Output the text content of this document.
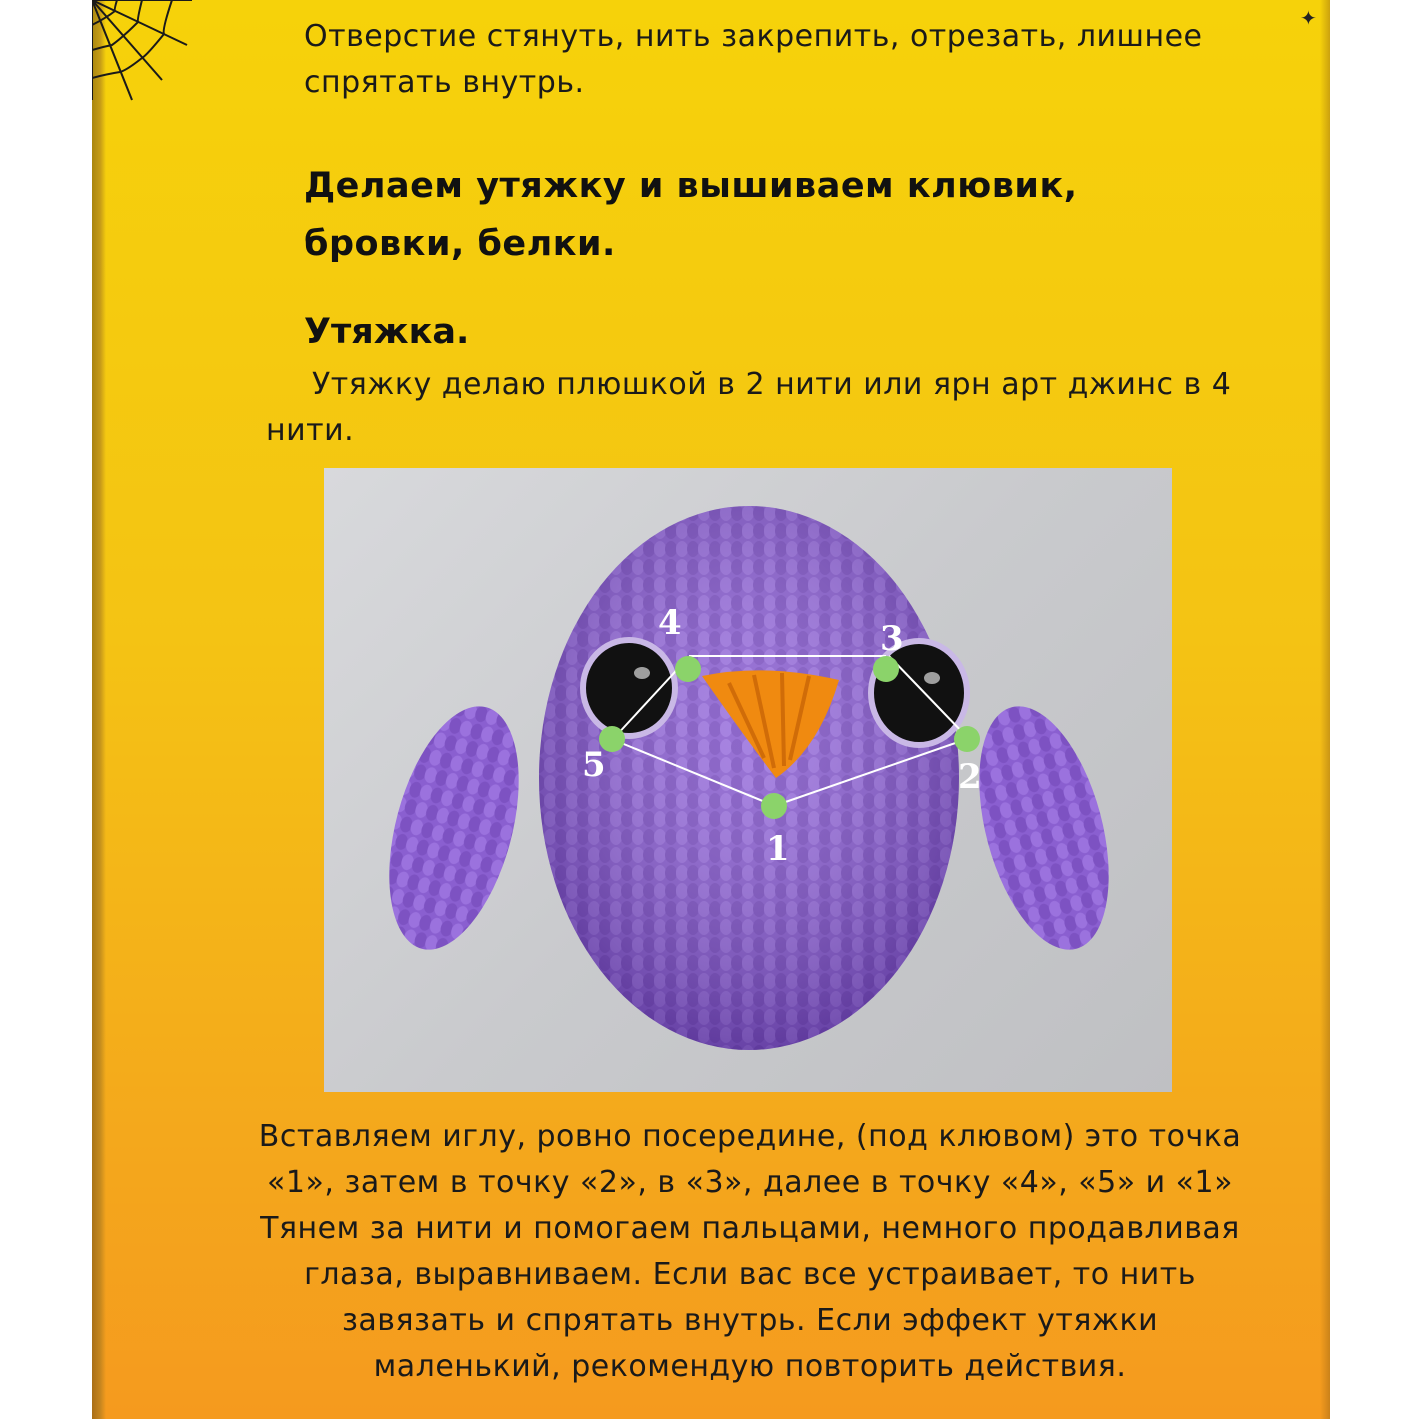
✦
Отверстие стянуть, нить закрепить, отрезать, лишнее спрятать внутрь.
Делаем утяжку и вышиваем клювик, бровки, белки.
Утяжка.
Утяжку делаю плюшкой в 2 нити или ярн арт джинс в 4 нити.
1
2
3
4
5
Вставляем иглу, ровно посередине, (под клювом) это точка «1», затем в точку «2», в «3», далее в точку «4», «5» и «1» Тянем за нити и помогаем пальцами, немного продавливая глаза, выравниваем. Если вас все устраивает, то нить завязать и спрятать внутрь. Если эффект утяжки маленький, рекомендую повторить действия.
